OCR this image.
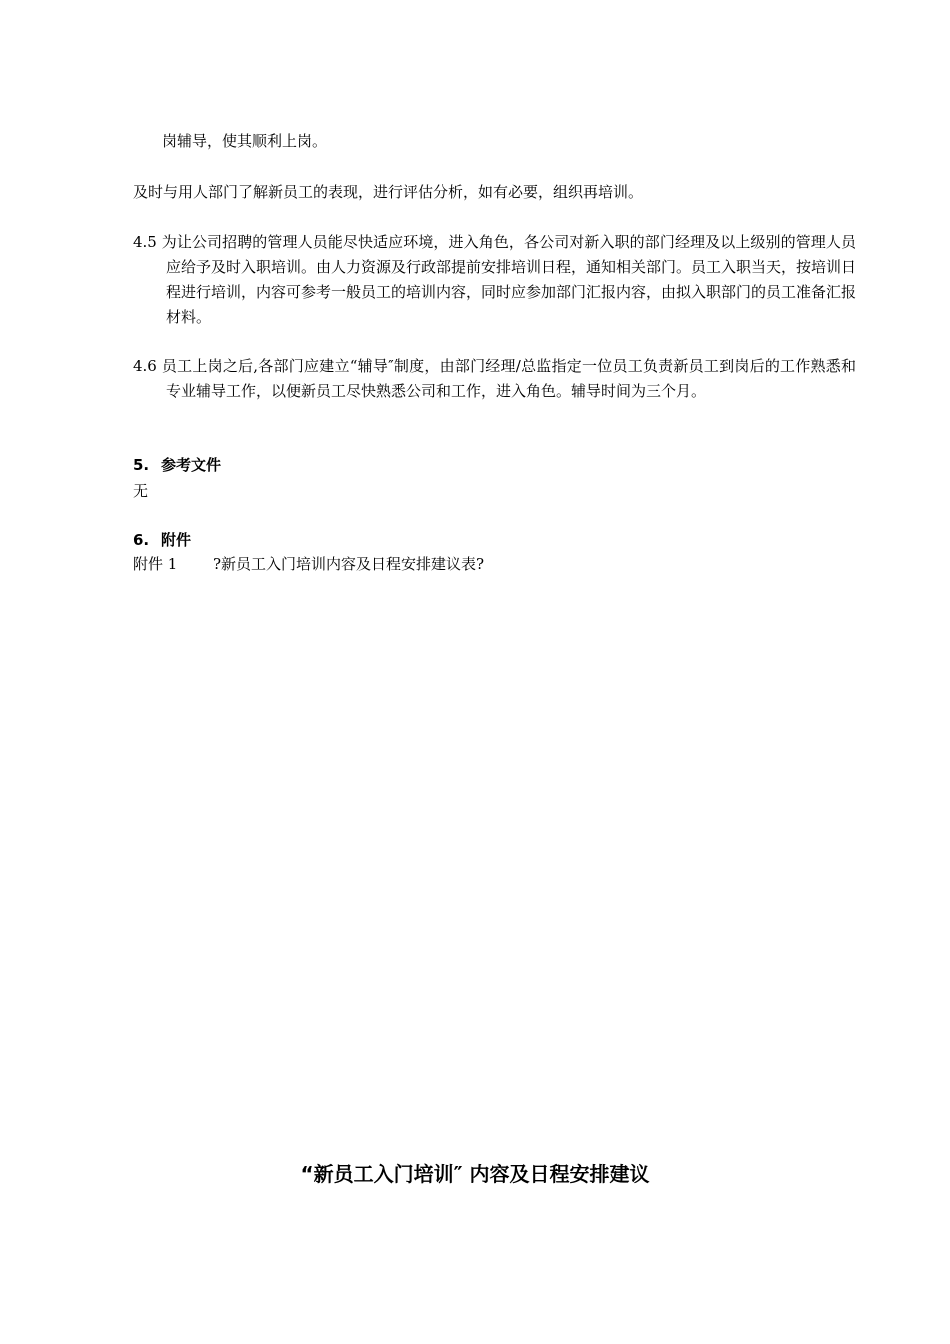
岗辅导，使其顺利上岗。
及时与用人部门了解新员工的表现，进行评估分析，如有必要，组织再培训。
4.5 为让公司招聘的管理人员能尽快适应环境，进入角色，各公司对新入职的部门经理及以上级别的管理人员应给予及时入职培训。由人力资源及行政部提前安排培训日程，通知相关部门。员工入职当天，按培训日程进行培训，内容可参考一般员工的培训内容，同时应参加部门汇报内容，由拟入职部门的员工准备汇报材料。
4.6 员工上岗之后,各部门应建立“辅导″制度，由部门经理/总监指定一位员工负责新员工到岗后的工作熟悉和专业辅导工作，以便新员工尽快熟悉公司和工作，进入角色。辅导时间为三个月。
5. 参考文件
无
6. 附件
附件 1 ?新员工入门培训内容及日程安排建议表?
“新员工入门培训″ 内容及日程安排建议
